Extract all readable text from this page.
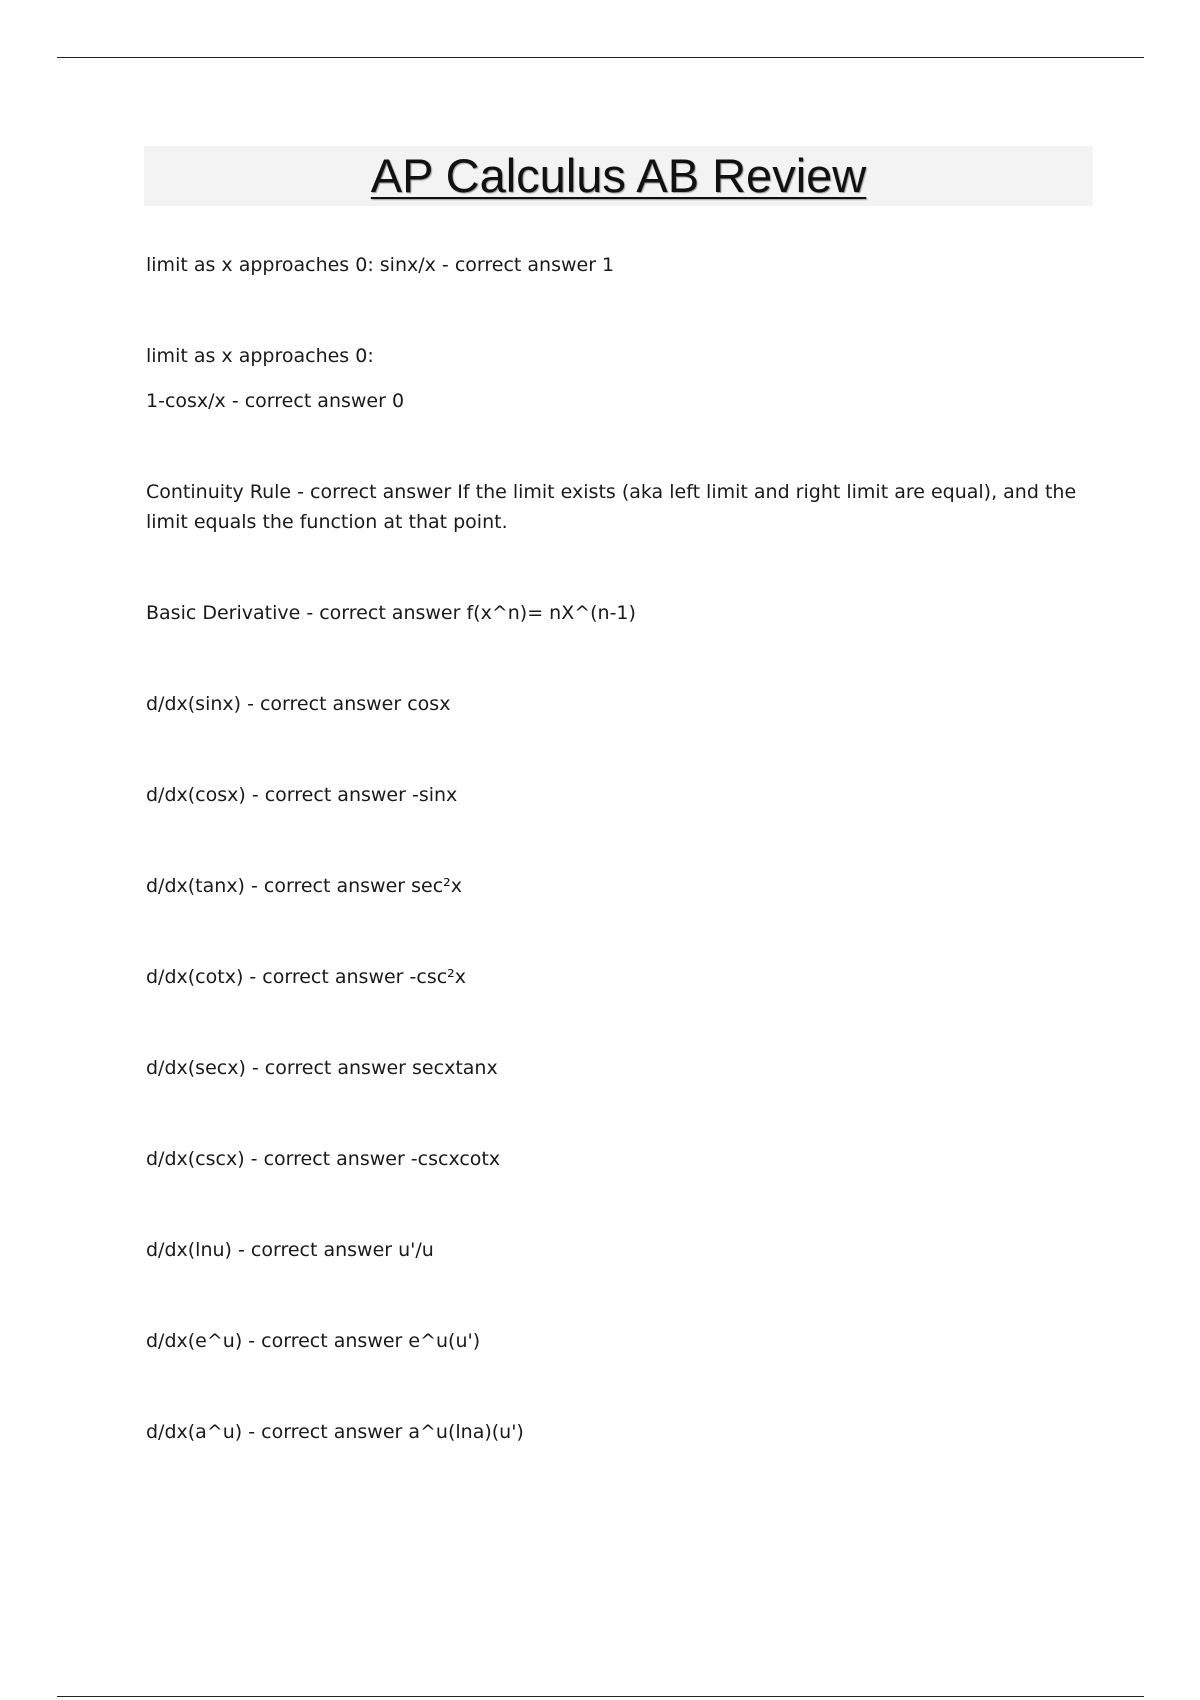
AP Calculus AB Review

limit as x approaches 0: sinx/x - correct answer 1

limit as x approaches 0:

1-cosx/x - correct answer 0

Continuity Rule - correct answer If the limit exists (aka left limit and right limit are equal), and the limit equals the function at that point.

Basic Derivative - correct answer f(x^n)= nX^(n-1)

d/dx(sinx) - correct answer cosx

d/dx(cosx) - correct answer -sinx

d/dx(tanx) - correct answer sec²x

d/dx(cotx) - correct answer -csc²x

d/dx(secx) - correct answer secxtanx

d/dx(cscx) - correct answer -cscxcotx

d/dx(lnu) - correct answer u'/u

d/dx(e^u) - correct answer e^u(u')

d/dx(a^u) - correct answer a^u(lna)(u')
